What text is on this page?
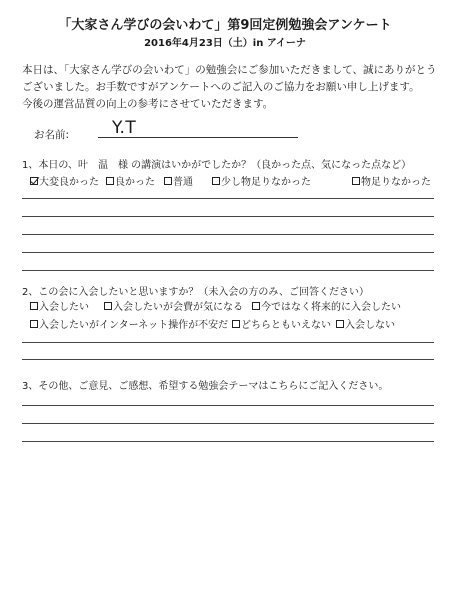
「大家さん学びの会いわて」第9回定例勉強会アンケート
2016年4月23日（土）in アイーナ
本日は、「大家さん学びの会いわて」の勉強会にご参加いただきまして、誠にありがとう
ございました。お手数ですがアンケートへのご記入のご協力をお願い申し上げます。
今後の運営品質の向上の参考にさせていただきます。
お名前:	Y.T
1、本日の、叶　温　様 の講演はいかがでしたか？（良かった点、気になった点など）
大変良かった 良かった 普通	少し物足りなかった	物足りなかった
2、この会に入会したいと思いますか？（未入会の方のみ、ご回答ください）
入会したい 入会したいが会費が気になる 今ではなく将来的に入会したい
入会したいがインターネット操作が不安だ どちらともいえない 入会しない
3、その他、ご意見、ご感想、希望する勉強会テーマはこちらにご記入ください。
